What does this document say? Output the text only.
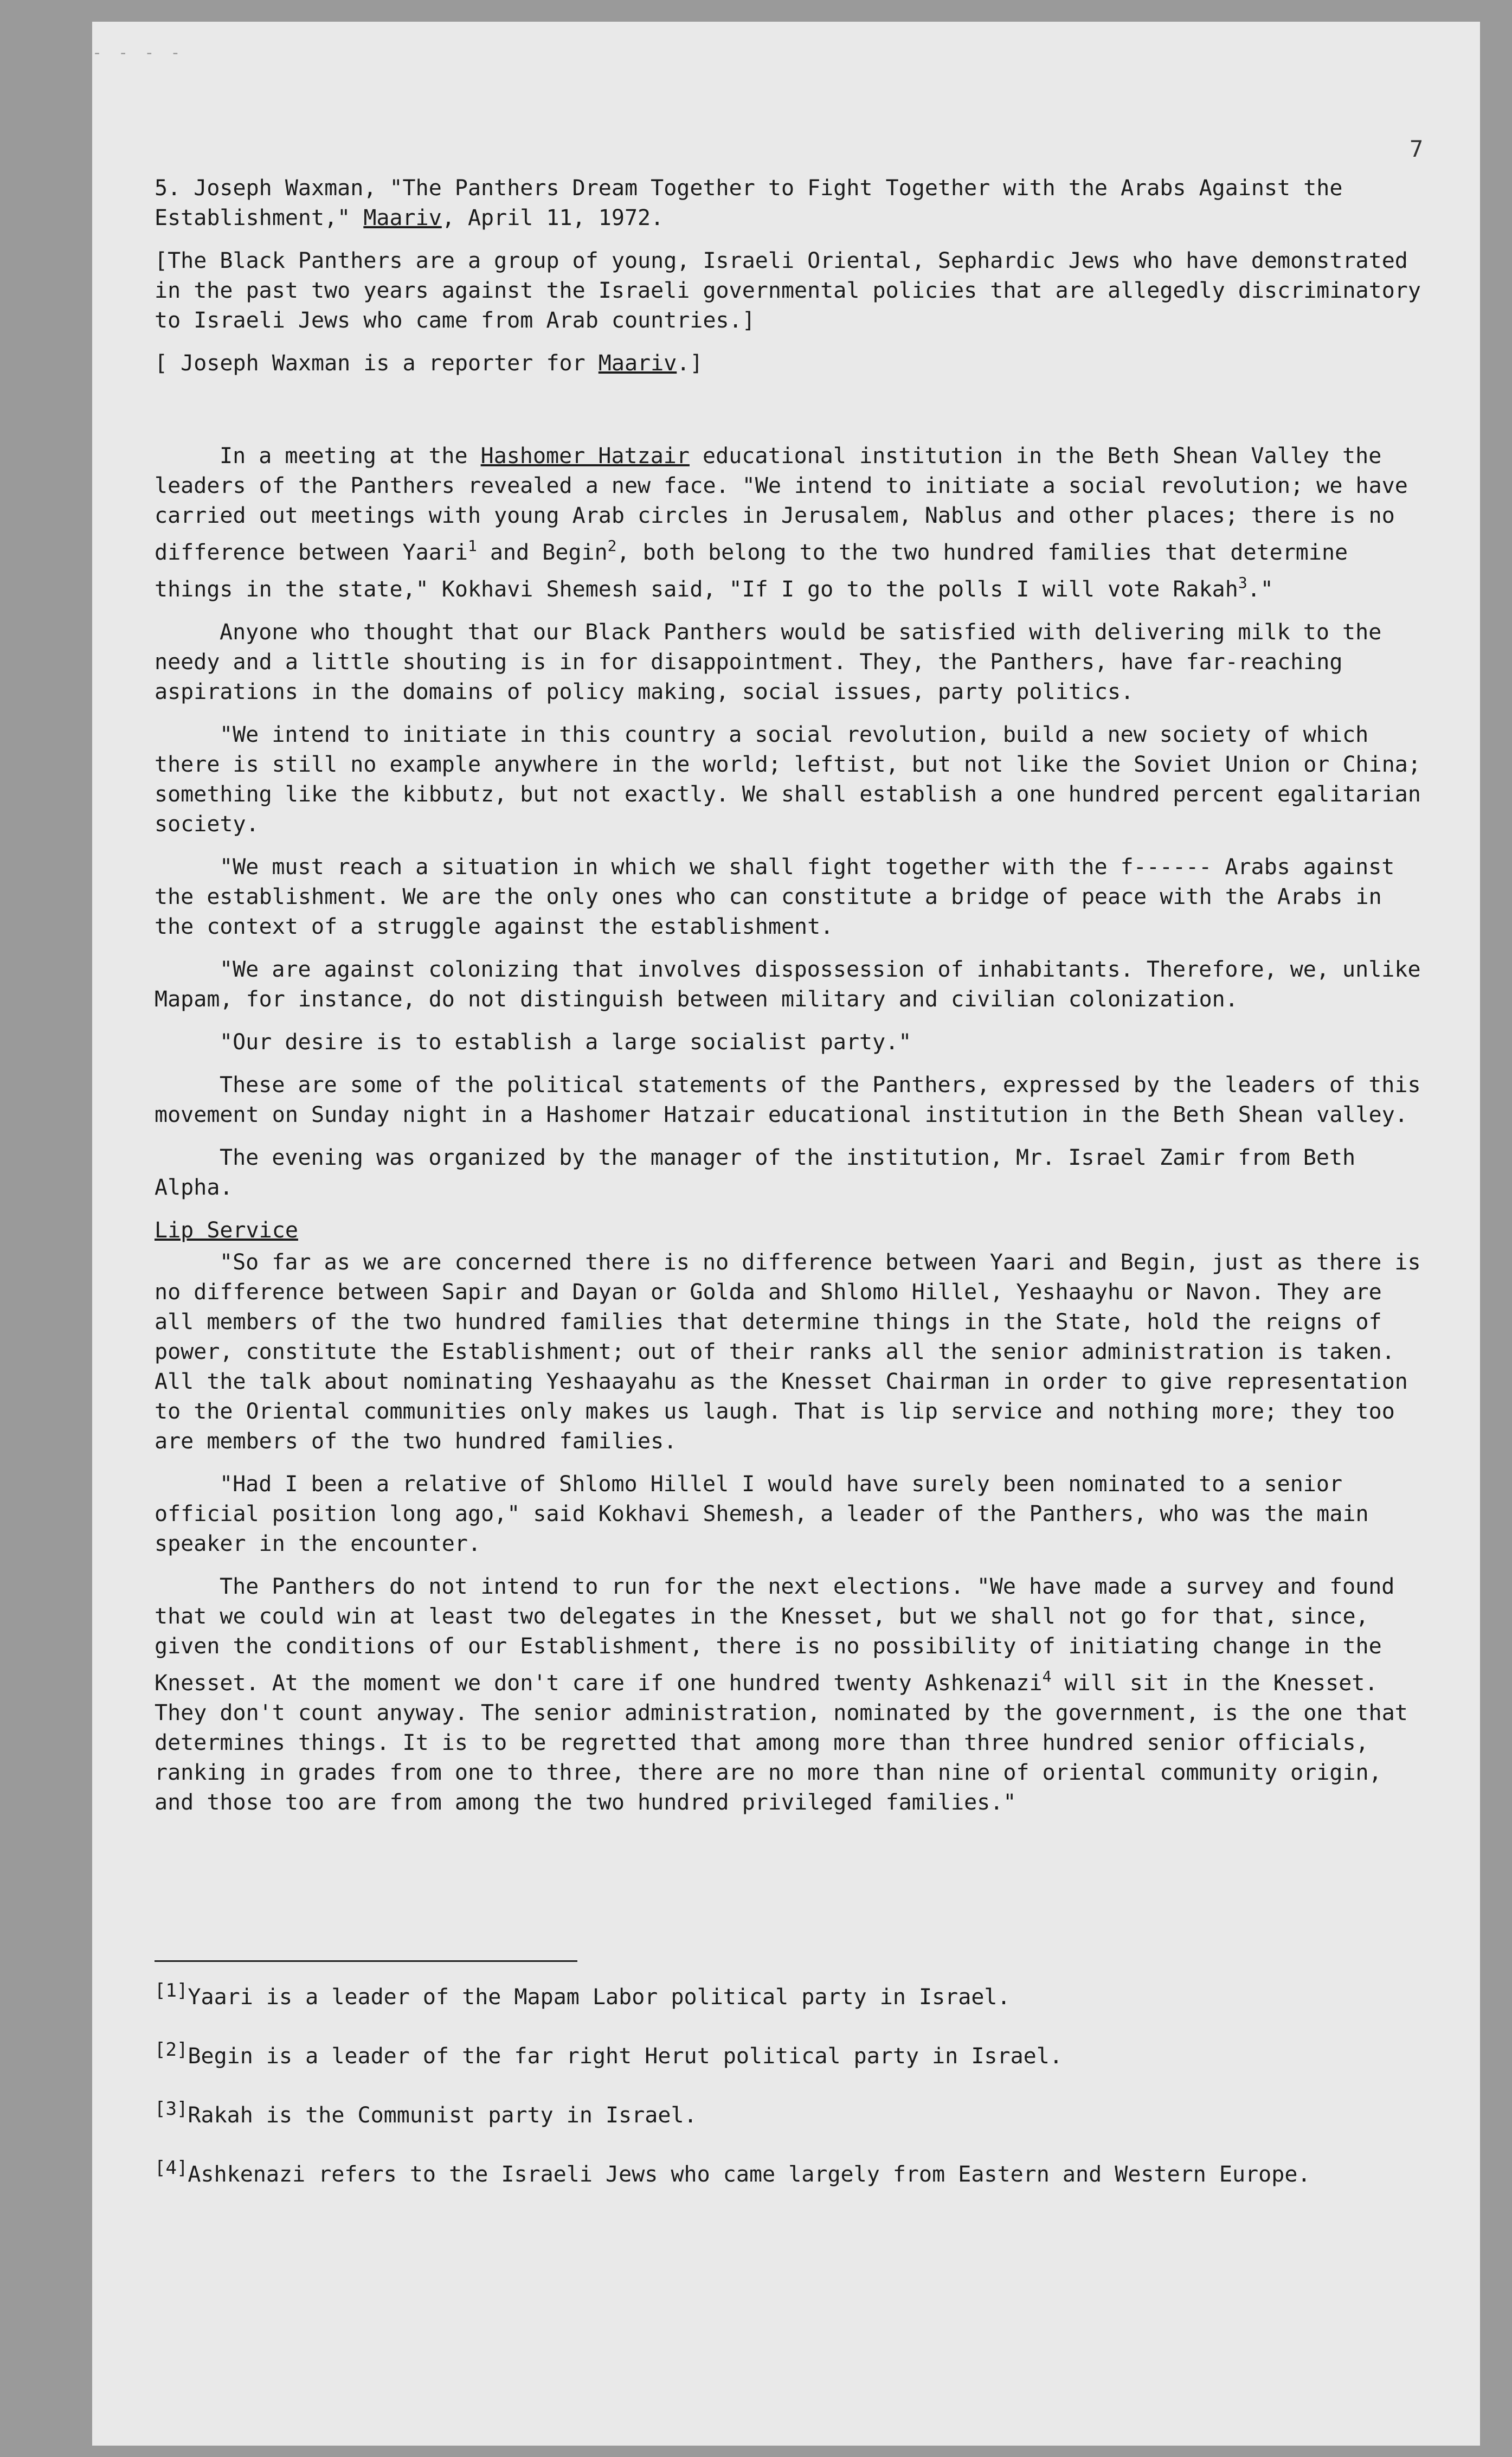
- - - -
7

5. Joseph Waxman, "The Panthers Dream Together to Fight Together with the Arabs Against the Establishment," Maariv, April 11, 1972.

[The Black Panthers are a group of young, Israeli Oriental, Sephardic Jews who have demonstrated in the past two years against the Israeli governmental policies that are allegedly discriminatory to Israeli Jews who came from Arab countries.]

[ Joseph Waxman is a reporter for Maariv.]

In a meeting at the Hashomer Hatzair educational institution in the Beth Shean Valley the leaders of the Panthers revealed a new face. "We intend to initiate a social revolution; we have carried out meetings with young Arab circles in Jerusalem, Nablus and other places; there is no difference between Yaari$^1$ and Begin$^2$, both belong to the two hundred families that determine things in the state," Kokhavi Shemesh said, "If I go to the polls I will vote Rakah$^3$."

Anyone who thought that our Black Panthers would be satisfied with delivering milk to the needy and a little shouting is in for disappointment. They, the Panthers, have far-reaching aspirations in the domains of policy making, social issues, party politics.

"We intend to initiate in this country a social revolution, build a new society of which there is still no example anywhere in the world; leftist, but not like the Soviet Union or China; something like the kibbutz, but not exactly. We shall establish a one hundred percent egalitarian society.

"We must reach a situation in which we shall fight together with the f------ Arabs against the establishment. We are the only ones who can constitute a bridge of peace with the Arabs in the context of a struggle against the establishment.

"We are against colonizing that involves dispossession of inhabitants. Therefore, we, unlike Mapam, for instance, do not distinguish between military and civilian colonization.

"Our desire is to establish a large socialist party."

These are some of the political statements of the Panthers, expressed by the leaders of this movement on Sunday night in a Hashomer Hatzair educational institution in the Beth Shean valley.

The evening was organized by the manager of the institution, Mr. Israel Zamir from Beth Alpha.

Lip Service

"So far as we are concerned there is no difference between Yaari and Begin, just as there is no difference between Sapir and Dayan or Golda and Shlomo Hillel, Yeshaayhu or Navon. They are all members of the two hundred families that determine things in the State, hold the reigns of power, constitute the Establishment; out of their ranks all the senior administration is taken. All the talk about nominating Yeshaayahu as the Knesset Chairman in order to give representation to the Oriental communities only makes us laugh. That is lip service and nothing more; they too are members of the two hundred families.

"Had I been a relative of Shlomo Hillel I would have surely been nominated to a senior official position long ago," said Kokhavi Shemesh, a leader of the Panthers, who was the main speaker in the encounter.

The Panthers do not intend to run for the next elections. "We have made a survey and found that we could win at least two delegates in the Knesset, but we shall not go for that, since, given the conditions of our Establishment, there is no possibility of initiating change in the Knesset. At the moment we don't care if one hundred twenty Ashkenazi$^4$ will sit in the Knesset. They don't count anyway. The senior administration, nominated by the government, is the one that determines things. It is to be regretted that among more than three hundred senior officials, ranking in grades from one to three, there are no more than nine of oriental community origin, and those too are from among the two hundred privileged families."

[1]Yaari is a leader of the Mapam Labor political party in Israel.

[2]Begin is a leader of the far right Herut political party in Israel.

[3]Rakah is the Communist party in Israel.

[4]Ashkenazi refers to the Israeli Jews who came largely from Eastern and Western Europe.
